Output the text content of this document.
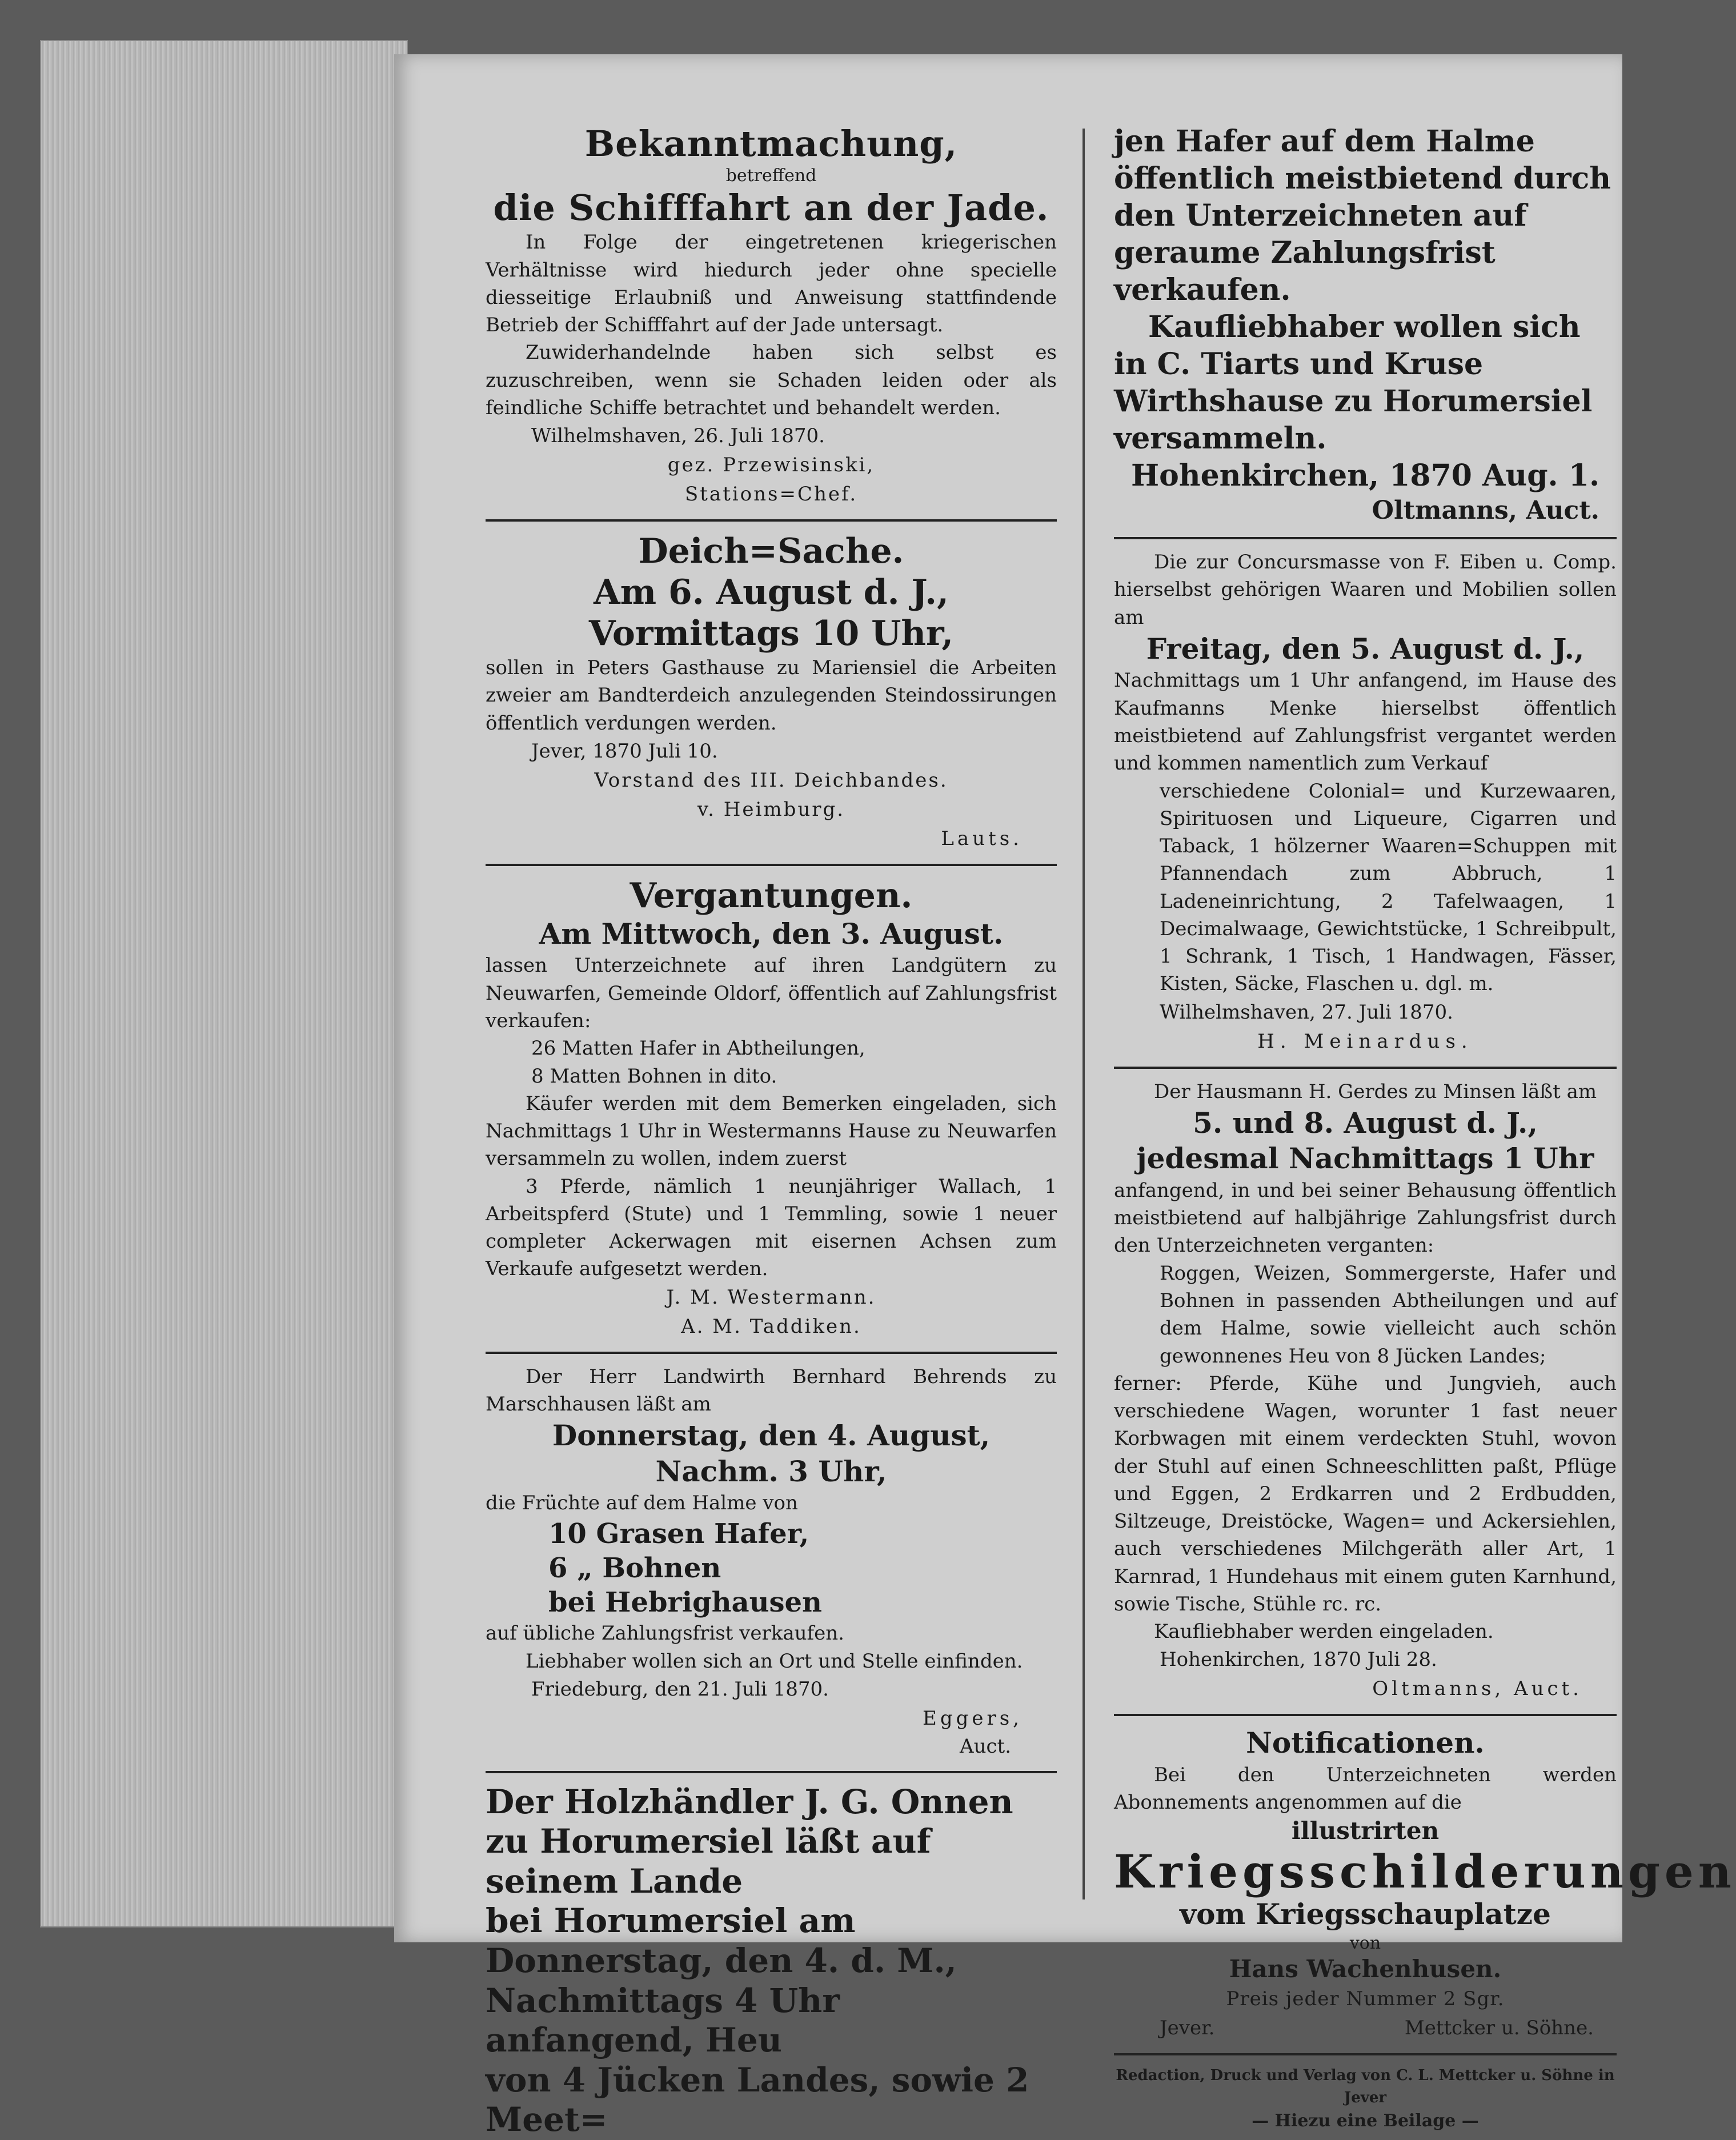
Bekanntmachung,
betreffend
die Schifffahrt an der Jade.
In Folge der eingetretenen kriegerischen Verhältnisse wird hiedurch jeder ohne specielle diesseitige Erlaubniß und Anweisung stattfindende Betrieb der Schifffahrt auf der Jade untersagt.
Zuwiderhandelnde haben sich selbst es zuzuschreiben, wenn sie Schaden leiden oder als feindliche Schiffe betrachtet und behandelt werden.
Wilhelmshaven, 26. Juli 1870.
gez. Przewisinski,
Stations=Chef.
Deich=Sache.
Am 6. August d. J.,
Vormittags 10 Uhr,
sollen in Peters Gasthause zu Mariensiel die Arbeiten zweier am Bandterdeich anzulegenden Steindossirungen öffentlich verdungen werden.
Jever, 1870 Juli 10.
Vorstand des III. Deichbandes.
v. Heimburg.
Lauts.
Vergantungen.
Am Mittwoch, den 3. August.
lassen Unterzeichnete auf ihren Landgütern zu Neuwarfen, Gemeinde Oldorf, öffentlich auf Zahlungsfrist verkaufen:
26 Matten Hafer in Abtheilungen,
8 Matten Bohnen in dito.
Käufer werden mit dem Bemerken eingeladen, sich Nachmittags 1 Uhr in Westermanns Hause zu Neuwarfen versammeln zu wollen, indem zuerst
3 Pferde, nämlich 1 neunjähriger Wallach, 1 Arbeitspferd (Stute) und 1 Temmling, sowie 1 neuer completer Ackerwagen mit eisernen Achsen zum Verkaufe aufgesetzt werden.
J. M. Westermann.
A. M. Taddiken.
Der Herr Landwirth Bernhard Behrends zu Marschhausen läßt am
Donnerstag, den 4. August,
Nachm. 3 Uhr,
die Früchte auf dem Halme von
10 Grasen Hafer,
6 „ Bohnen
bei Hebrighausen
auf übliche Zahlungsfrist verkaufen.
Liebhaber wollen sich an Ort und Stelle einfinden.
Friedeburg, den 21. Juli 1870.
Eggers,
Auct.
Der Holzhändler J. G. Onnen
zu Horumersiel läßt auf seinem Lande
bei Horumersiel am
Donnerstag, den 4. d. M.,
Nachmittags 4 Uhr anfangend, Heu
von 4 Jücken Landes, sowie 2 Meet=
jen Hafer auf dem Halme öffentlich meistbietend durch den Unterzeichneten auf geraume Zahlungsfrist verkaufen.
Kaufliebhaber wollen sich in C. Tiarts und Kruse Wirthshause zu Horumersiel versammeln.
Hohenkirchen, 1870 Aug. 1.
Oltmanns, Auct.
Die zur Concursmasse von F. Eiben u. Comp. hierselbst gehörigen Waaren und Mobilien sollen am
Freitag, den 5. August d. J.,
Nachmittags um 1 Uhr anfangend, im Hause des Kaufmanns Menke hierselbst öffentlich meistbietend auf Zahlungsfrist vergantet werden und kommen namentlich zum Verkauf
verschiedene Colonial= und Kurzewaaren, Spirituosen und Liqueure, Cigarren und Taback, 1 hölzerner Waaren=Schuppen mit Pfannendach zum Abbruch, 1 Ladeneinrichtung, 2 Tafelwaagen, 1 Decimalwaage, Gewichtstücke, 1 Schreibpult, 1 Schrank, 1 Tisch, 1 Handwagen, Fässer, Kisten, Säcke, Flaschen u. dgl. m.
Wilhelmshaven, 27. Juli 1870.
H. Meinardus.
Der Hausmann H. Gerdes zu Minsen läßt am
5. und 8. August d. J.,
jedesmal Nachmittags 1 Uhr
anfangend, in und bei seiner Behausung öffentlich meistbietend auf halbjährige Zahlungsfrist durch den Unterzeichneten verganten:
Roggen, Weizen, Sommergerste, Hafer und Bohnen in passenden Abtheilungen und auf dem Halme, sowie vielleicht auch schön gewonnenes Heu von 8 Jücken Landes;
ferner: Pferde, Kühe und Jungvieh, auch verschiedene Wagen, worunter 1 fast neuer Korbwagen mit einem verdeckten Stuhl, wovon der Stuhl auf einen Schneeschlitten paßt, Pflüge und Eggen, 2 Erdkarren und 2 Erdbudden, Siltzeuge, Dreistöcke, Wagen= und Ackersiehlen, auch verschiedenes Milchgeräth aller Art, 1 Karnrad, 1 Hundehaus mit einem guten Karnhund, sowie Tische, Stühle rc. rc.
Kaufliebhaber werden eingeladen.
Hohenkirchen, 1870 Juli 28.
Oltmanns, Auct.
Notificationen.
Bei den Unterzeichneten werden Abonnements angenommen auf die
illustrirten
Kriegsschilderungen
vom Kriegsschauplatze
von
Hans Wachenhusen.
Preis jeder Nummer 2 Sgr.
Jever.	Mettcker u. Söhne.
Redaction, Druck und Verlag von C. L. Mettcker u. Söhne in Jever
— Hiezu eine Beilage —
